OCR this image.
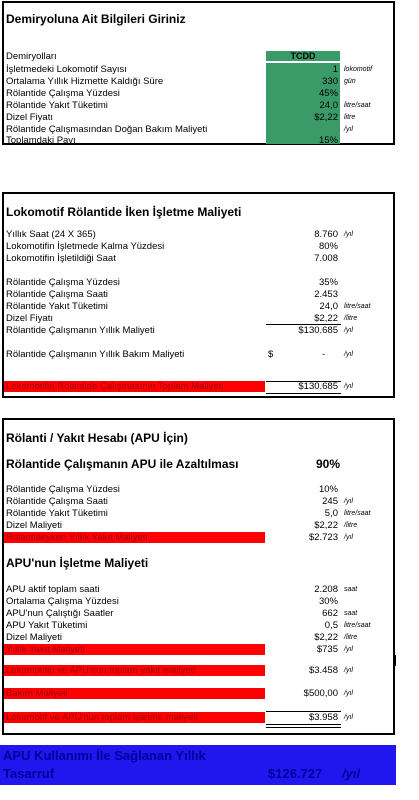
Demiryoluna Ait Bilgileri Giriniz
Demiryolları	TCDD
İşletmedeki Lokomotif Sayısı	1 lokomotif
Ortalama Yıllık Hizmette Kaldığı Süre	330 gün
Rölantide Çalışma Yüzdesi	45%
Rölantide Yakıt Tüketimi	24,0 litre/saat
Dizel Fiyatı	$2,22 litre
Rölantide Çalışmasından Doğan Bakım Maliyeti	/yıl
Toplamdaki Payı	15%
Lokomotif Rölantide İken İşletme Maliyeti
Yıllık Saat (24 X 365)	8.760 /yıl
Lokomotifin İşletmede Kalma Yüzdesi	80%
Lokomotifin İşletildiği Saat	7.008
Rölantide Çalışma Yüzdesi	35%
Rölantide Çalışma Saati	2.453
Rölantide Yakıt Tüketimi	24,0 litre/saat
Dizel Fiyatı	$2,22 /litre
Rölantide Çalışmanın Yıllık Maliyeti	$130.685 /yıl
Rölantide Çalışmanın Yıllık Bakım Maliyeti	$	-	/yıl
Lokomotifin Rölantide Çalışmasının Toplam Maliyeti	$130.685 /yıl
Rölanti / Yakıt Hesabı (APU İçin)
Rölantide Çalışmanın APU ile Azaltılması	90%
Rölantide Çalışma Yüzdesi	10%
Rölantide Çalışma Saati	245 /yıl
Rölantide Yakıt Tüketimi	5,0 litre/saat
Dizel Maliyeti	$2,22 /litre
Rölantideyken Yıllık Yakıt Maliyeti	$2.723 /yıl
APU'nun İşletme Maliyeti
APU aktif toplam saati	2.208 saat
Ortalama Çalışma Yüzdesi	30%
APU'nun Çalıştığı Saatler	662 saat
APU Yakıt Tüketimi	0,5 litre/saat
Dizel Maliyeti	$2,22 /litre
Yıllık Yakıt Maliyeti	$735 /yıl
Lokomotifin ve APU'nun toplam yakıt maliyeti	$3.458 /yıl
Bakım Maliyeti	$500,00 /yıl
Lokomotif ve APU'nun toplam işletme maliyeti	$3.958 /yıl
APU Kullanımı İle Sağlanan Yıllık
Tasarruf	$126.727 /yıl
